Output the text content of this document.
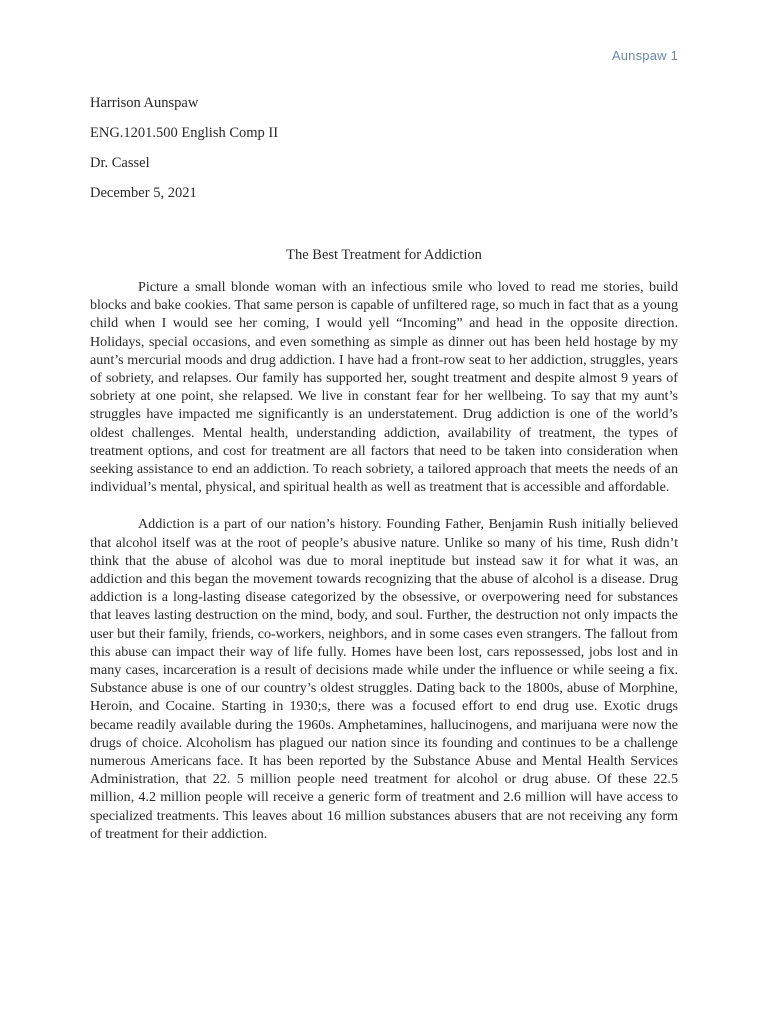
Aunspaw 1
Harrison Aunspaw
ENG.1201.500 English Comp II
Dr. Cassel
December 5, 2021
The Best Treatment for Addiction

Picture a small blonde woman with an infectious smile who loved to read me stories, build blocks and bake cookies. That same person is capable of unfiltered rage, so much in fact that as a young child when I would see her coming, I would yell “Incoming” and head in the opposite direction. Holidays, special occasions, and even something as simple as dinner out has been held hostage by my aunt’s mercurial moods and drug addiction. I have had a front-row seat to her addiction, struggles, years of sobriety, and relapses. Our family has supported her, sought treatment and despite almost 9 years of sobriety at one point, she relapsed. We live in constant fear for her wellbeing. To say that my aunt’s struggles have impacted me significantly is an understatement. Drug addiction is one of the world’s oldest challenges. Mental health, understanding addiction, availability of treatment, the types of treatment options, and cost for treatment are all factors that need to be taken into consideration when seeking assistance to end an addiction. To reach sobriety, a tailored approach that meets the needs of an individual’s mental, physical, and spiritual health as well as treatment that is accessible and affordable.

Addiction is a part of our nation’s history. Founding Father, Benjamin Rush initially believed that alcohol itself was at the root of people’s abusive nature. Unlike so many of his time, Rush didn’t think that the abuse of alcohol was due to moral ineptitude but instead saw it for what it was, an addiction and this began the movement towards recognizing that the abuse of alcohol is a disease. Drug addiction is a long-lasting disease categorized by the obsessive, or overpowering need for substances that leaves lasting destruction on the mind, body, and soul. Further, the destruction not only impacts the user but their family, friends, co-workers, neighbors, and in some cases even strangers. The fallout from this abuse can impact their way of life fully. Homes have been lost, cars repossessed, jobs lost and in many cases, incarceration is a result of decisions made while under the influence or while seeing a fix. Substance abuse is one of our country’s oldest struggles. Dating back to the 1800s, abuse of Morphine, Heroin, and Cocaine. Starting in 1930;s, there was a focused effort to end drug use. Exotic drugs became readily available during the 1960s. Amphetamines, hallucinogens, and marijuana were now the drugs of choice. Alcoholism has plagued our nation since its founding and continues to be a challenge numerous Americans face. It has been reported by the Substance Abuse and Mental Health Services Administration, that 22. 5 million people need treatment for alcohol or drug abuse. Of these 22.5 million, 4.2 million people will receive a generic form of treatment and 2.6 million will have access to specialized treatments. This leaves about 16 million substances abusers that are not receiving any form of treatment for their addiction.
